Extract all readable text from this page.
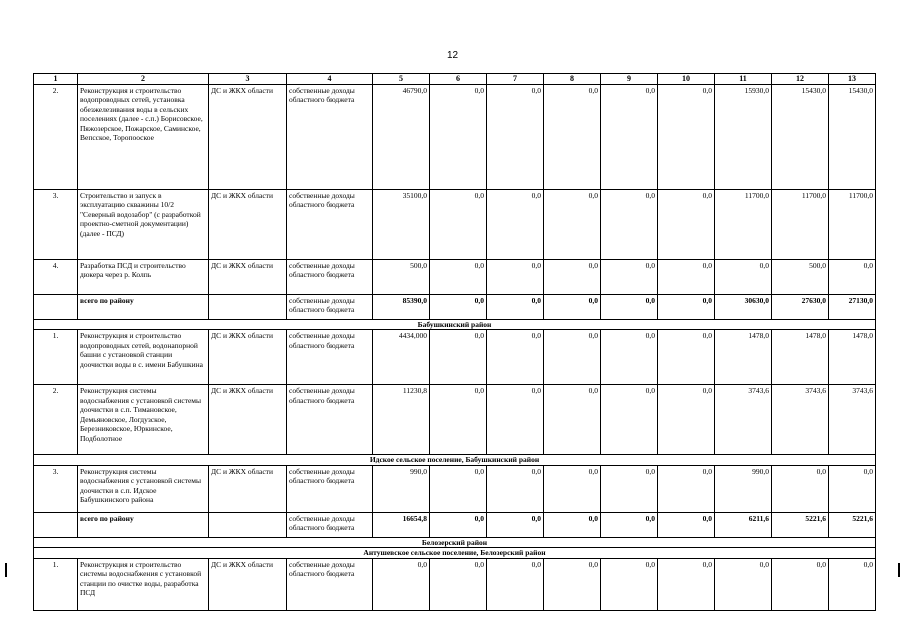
12
1	2	3	4	5	6	7	8	9	10	11	12	13
2.	Реконструкция и строительство водопроводных сетей, установка обезжелезивания воды в сельских поселениях (далее - с.п.) Борисовское, Пяжозерское, Пожарское, Саминское, Вепсское, Торопооское	ДС и ЖКХ области	собственные доходы областного бюджета	46790,0	0,0	0,0	0,0	0,0	0,0	15930,0	15430,0	15430,0
3.	Строительство и запуск в эксплуатацию скважины 10/2 "Северный водозабор" (с разработкой проектно-сметной документации) (далее - ПСД)	ДС и ЖКХ области	собственные доходы областного бюджета	35100,0	0,0	0,0	0,0	0,0	0,0	11700,0	11700,0	11700,0
4.	Разработка ПСД и строительство дюкера через р. Колпь	ДС и ЖКХ области	собственные доходы областного бюджета	500,0	0,0	0,0	0,0	0,0	0,0	0,0	500,0	0,0
	всего по району		собственные доходы областного бюджета	85390,0	0,0	0,0	0,0	0,0	0,0	30630,0	27630,0	27130,0
Бабушкинский район												
1.	Реконструкция и строительство водопроводных сетей, водонапорной башни с установкой станции доочистки воды в с. имени Бабушкина	ДС и ЖКХ области	собственные доходы областного бюджета	4434,000	0,0	0,0	0,0	0,0	0,0	1478,0	1478,0	1478,0
2.	Реконструкция системы водоснабжения с установкой системы доочистки в с.п. Тимановское, Демьяновское, Логдузское, Березниковское, Юркинское, Подболотное	ДС и ЖКХ области	собственные доходы областного бюджета	11230,8	0,0	0,0	0,0	0,0	0,0	3743,6	3743,6	3743,6
Идское сельское поселение, Бабушкинский район												
3.	Реконструкция системы водоснабжения с установкой системы доочистки в с.п. Идское Бабушкинского района	ДС и ЖКХ области	собственные доходы областного бюджета	990,0	0,0	0,0	0,0	0,0	0,0	990,0	0,0	0,0
	всего по району		собственные доходы областного бюджета	16654,8	0,0	0,0	0,0	0,0	0,0	6211,6	5221,6	5221,6
Белозерский район												
Антушевское сельское поселение, Белозерский район												
1.	Реконструкция и строительство системы водоснабжения с установкой станции по очистке воды, разработка ПСД	ДС и ЖКХ области	собственные доходы областного бюджета	0,0	0,0	0,0	0,0	0,0	0,0	0,0	0,0	0,0
